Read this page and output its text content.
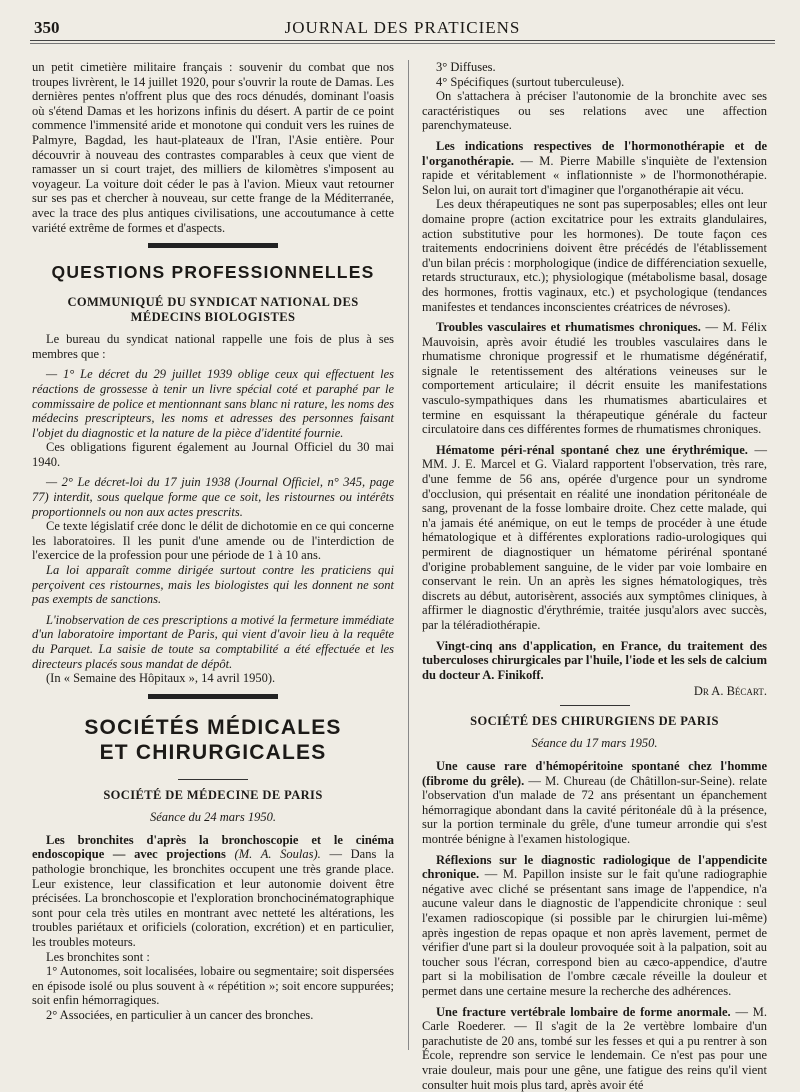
350	JOURNAL DES PRATICIENS

un petit cimetière militaire français : souvenir du combat que nos troupes livrèrent, le 14 juillet 1920, pour s'ouvrir la route de Damas. Les dernières pentes n'offrent plus que des rocs dénudés, dominant l'oasis où s'étend Damas et les horizons infinis du désert. A partir de ce point commence l'immensité aride et monotone qui conduit vers les ruines de Palmyre, Bagdad, les haut-plateaux de l'Iran, l'Asie entière. Pour découvrir à nouveau des contrastes comparables à ceux que vient de ramasser un si court trajet, des milliers de kilomètres s'imposent au voyageur. La voiture doit céder le pas à l'avion. Mieux vaut retourner sur ses pas et chercher à nouveau, sur cette frange de la Méditerranée, avec la trace des plus antiques civilisations, une accoutumance à cette variété extrême de formes et d'aspects.

QUESTIONS PROFESSIONNELLES
COMMUNIQUÉ DU SYNDICAT NATIONAL DES MÉDECINS BIOLOGISTES

Le bureau du syndicat national rappelle une fois de plus à ses membres que :

— 1° Le décret du 29 juillet 1939 oblige ceux qui effectuent les réactions de grossesse à tenir un livre spécial coté et paraphé par le commissaire de police et mentionnant sans blanc ni rature, les noms des médecins prescripteurs, les noms et adresses des personnes faisant l'objet du diagnostic et la nature de la pièce d'identité fournie.

Ces obligations figurent également au Journal Officiel du 30 mai 1940.

— 2° Le décret-loi du 17 juin 1938 (Journal Officiel, n° 345, page 77) interdit, sous quelque forme que ce soit, les ristournes ou intérêts proportionnels ou non aux actes prescrits.

Ce texte législatif crée donc le délit de dichotomie en ce qui concerne les laboratoires. Il les punit d'une amende ou de l'interdiction de l'exercice de la profession pour une période de 1 à 10 ans.

La loi apparaît comme dirigée surtout contre les praticiens qui perçoivent ces ristournes, mais les biologistes qui les donnent ne sont pas exempts de sanctions.

L'inobservation de ces prescriptions a motivé la fermeture immédiate d'un laboratoire important de Paris, qui vient d'avoir lieu à la requête du Parquet. La saisie de toute sa comptabilité a été effectuée et les directeurs placés sous mandat de dépôt.

(In « Semaine des Hôpitaux », 14 avril 1950).

SOCIÉTÉS MÉDICALES
ET CHIRURGICALES
SOCIÉTÉ DE MÉDECINE DE PARIS
Séance du 24 mars 1950.

Les bronchites d'après la bronchoscopie et le cinéma endoscopique — avec projections (M. A. Soulas). — Dans la pathologie bronchique, les bronchites occupent une très grande place. Leur existence, leur classification et leur autonomie doivent être précisées. La bronchoscopie et l'exploration bronchocinématographique sont pour cela très utiles en montrant avec netteté les altérations, les troubles pariétaux et orificiels (coloration, excrétion) et en particulier, les troubles moteurs.

Les bronchites sont :

1° Autonomes, soit localisées, lobaire ou segmentaire; soit dispersées en épisode isolé ou plus souvent à « répétition »; soit encore suppurées; soit enfin hémorragiques.

2° Associées, en particulier à un cancer des bronches.

3° Diffuses.

4° Spécifiques (surtout tuberculeuse).

On s'attachera à préciser l'autonomie de la bronchite avec ses caractéristiques ou ses relations avec une affection parenchymateuse.

Les indications respectives de l'hormonothérapie et de l'organothérapie. — M. Pierre Mabille s'inquiète de l'extension rapide et véritablement « inflationniste » de l'hormonothérapie. Selon lui, on aurait tort d'imaginer que l'organothérapie ait vécu.

Les deux thérapeutiques ne sont pas superposables; elles ont leur domaine propre (action excitatrice pour les extraits glandulaires, action substitutive pour les hormones). De toute façon ces traitements endocriniens doivent être précédés de l'établissement d'un bilan précis : morphologique (indice de différenciation sexuelle, retards structuraux, etc.); physiologique (métabolisme basal, dosage des hormones, frottis vaginaux, etc.) et psychologique (tendances manifestes et tendances inconscientes créatrices de névroses).

Troubles vasculaires et rhumatismes chroniques. — M. Félix Mauvoisin, après avoir étudié les troubles vasculaires dans le rhumatisme chronique progressif et le rhumatisme dégénératif, signale le retentissement des altérations veineuses sur le comportement articulaire; il décrit ensuite les manifestations vasculo-sympathiques dans les rhumatismes abarticulaires et termine en esquissant la thérapeutique générale du facteur circulatoire dans ces différentes formes de rhumatismes chroniques.

Hématome péri-rénal spontané chez une érythrémique. — MM. J. E. Marcel et G. Vialard rapportent l'observation, très rare, d'une femme de 56 ans, opérée d'urgence pour un syndrome d'occlusion, qui présentait en réalité une inondation péritonéale de sang, provenant de la fosse lombaire droite. Chez cette malade, qui n'a jamais été anémique, on eut le temps de procéder à une étude hématologique et à différentes explorations radio-urologiques qui permirent de diagnostiquer un hématome périrénal spontané d'origine probablement sanguine, de le vider par voie lombaire en conservant le rein. Un an après les signes hématologiques, très discrets au début, autorisèrent, associés aux symptômes cliniques, à affirmer le diagnostic d'érythrémie, traitée jusqu'alors avec succès, par la téléradiothérapie.

Vingt-cinq ans d'application, en France, du traitement des tuberculoses chirurgicales par l'huile, l'iode et les sels de calcium du docteur A. Finikoff.

Dr A. Bécart.
SOCIÉTÉ DES CHIRURGIENS DE PARIS
Séance du 17 mars 1950.

Une cause rare d'hémopéritoine spontané chez l'homme (fibrome du grêle). — M. Chureau (de Châtillon-sur-Seine). relate l'observation d'un malade de 72 ans présentant un épanchement hémorragique abondant dans la cavité péritonéale dû à la présence, sur la portion terminale du grêle, d'une tumeur arrondie qui s'est montrée bénigne à l'examen histologique.

Réflexions sur le diagnostic radiologique de l'appendicite chronique. — M. Papillon insiste sur le fait qu'une radiographie négative avec cliché se présentant sans image de l'appendice, n'a aucune valeur dans le diagnostic de l'appendicite chronique : seul l'examen radioscopique (si possible par le chirurgien lui-même) après ingestion de repas opaque et non après lavement, permet de vérifier d'une part si la douleur provoquée soit à la palpation, soit au toucher sous l'écran, correspond bien au cæco-appendice, d'autre part si la mobilisation de l'ombre cæcale réveille la douleur et permet dans une certaine mesure la recherche des adhérences.

Une fracture vertébrale lombaire de forme anormale. — M. Carle Roederer. — Il s'agit de la 2e vertèbre lombaire d'un parachutiste de 20 ans, tombé sur les fesses et qui a pu rentrer à son École, reprendre son service le lendemain. Ce n'est pas pour une vraie douleur, mais pour une gêne, une fatigue des reins qu'il vient consulter huit mois plus tard, après avoir été
